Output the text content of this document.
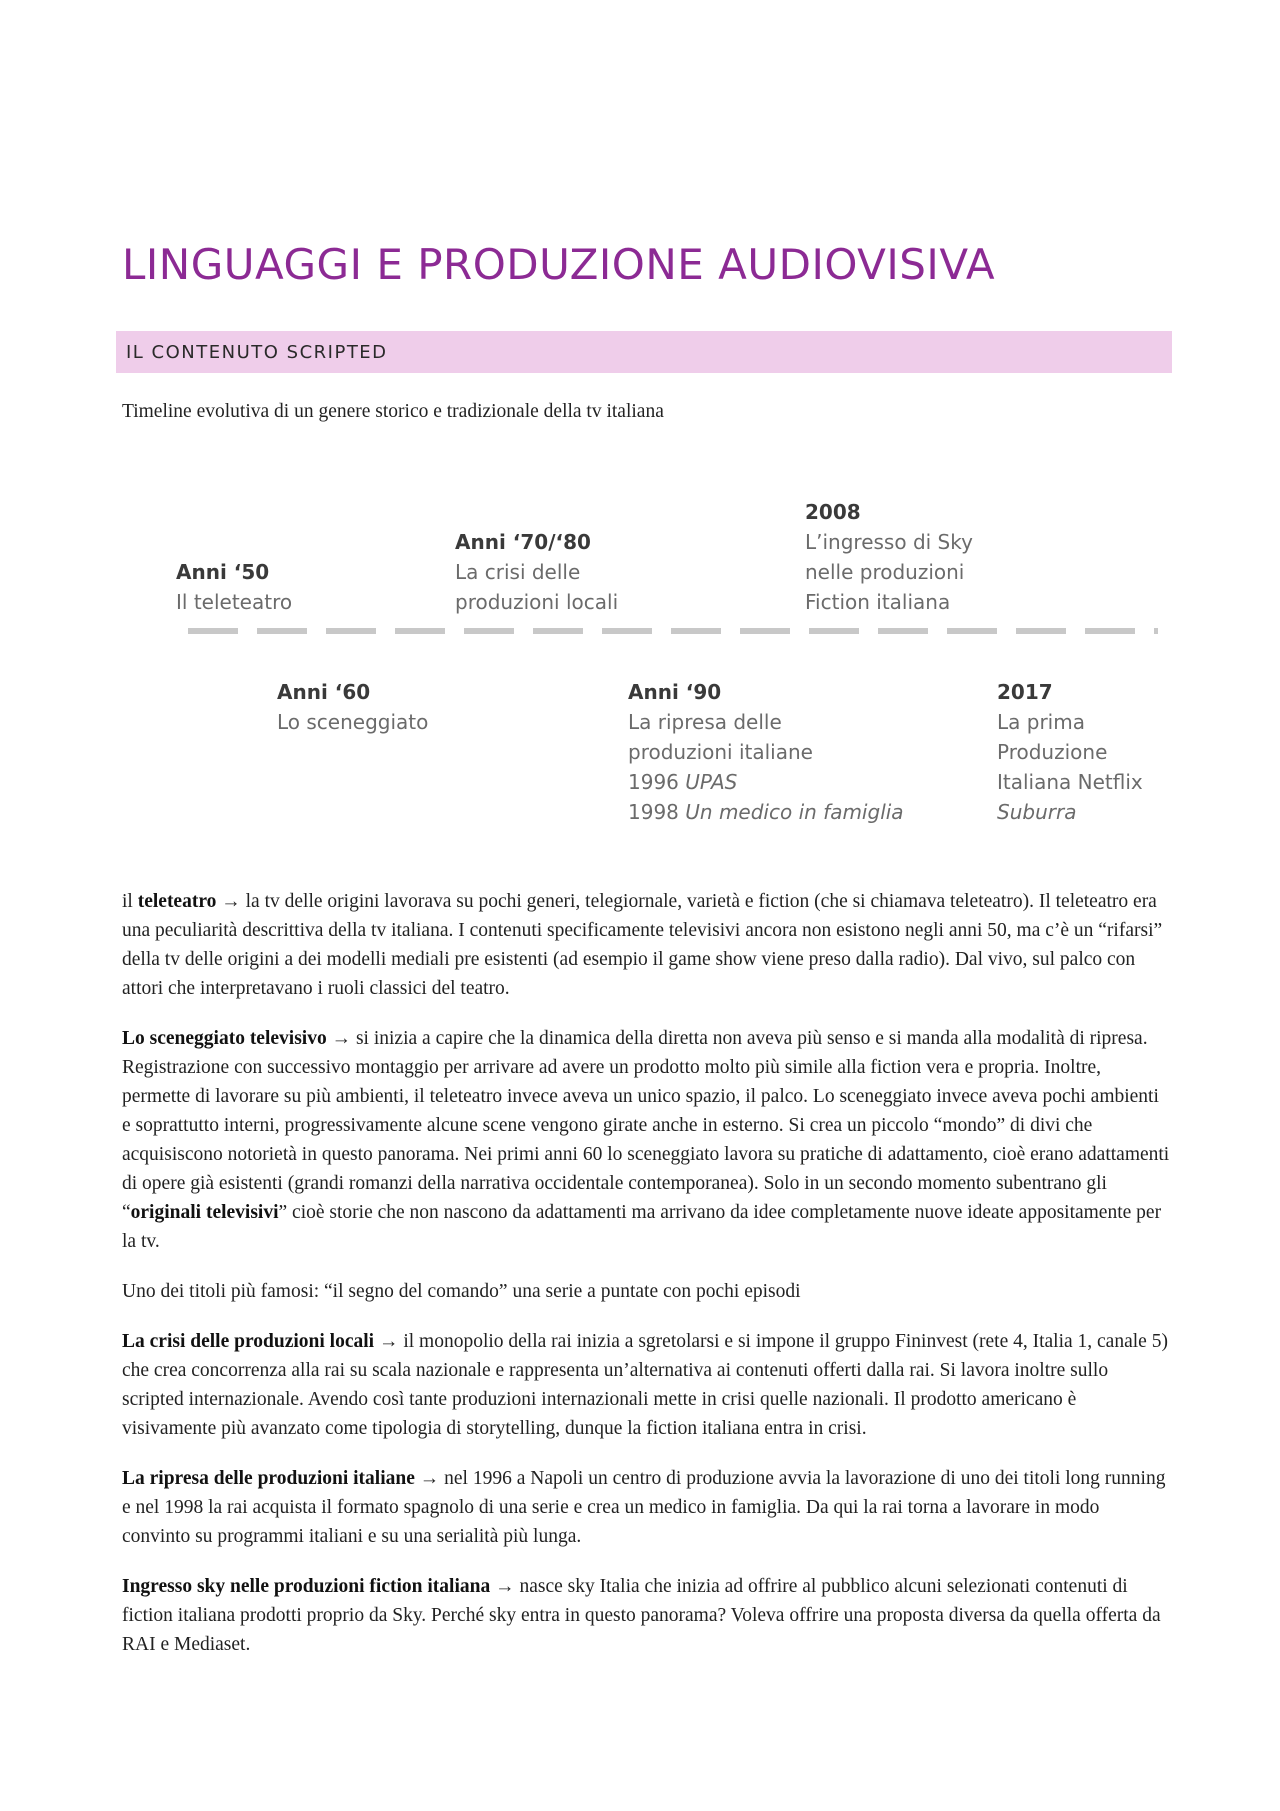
LINGUAGGI E PRODUZIONE AUDIOVISIVA
IL CONTENUTO SCRIPTED

Timeline evolutiva di un genere storico e tradizionale della tv italiana

Anni ‘50
Il teleteatro
Anni ‘60
Lo sceneggiato
Anni ‘70/‘80
La crisi delle
produzioni locali
Anni ‘90
La ripresa delle
produzioni italiane
1996 UPAS
1998 Un medico in famiglia
2008
L’ingresso di Sky
nelle produzioni
Fiction italiana
2017
La prima
Produzione
Italiana Netflix
Suburra

il teleteatro → la tv delle origini lavorava su pochi generi, telegiornale, varietà e fiction (che si chiamava teleteatro). Il teleteatro era una peculiarità descrittiva della tv italiana. I contenuti specificamente televisivi ancora non esistono negli anni 50, ma c’è un “rifarsi” della tv delle origini a dei modelli mediali pre esistenti (ad esempio il game show viene preso dalla radio). Dal vivo, sul palco con attori che interpretavano i ruoli classici del teatro.

Lo sceneggiato televisivo → si inizia a capire che la dinamica della diretta non aveva più senso e si manda alla modalità di ripresa. Registrazione con successivo montaggio per arrivare ad avere un prodotto molto più simile alla fiction vera e propria. Inoltre, permette di lavorare su più ambienti, il teleteatro invece aveva un unico spazio, il palco. Lo sceneggiato invece aveva pochi ambienti e soprattutto interni, progressivamente alcune scene vengono girate anche in esterno. Si crea un piccolo “mondo” di divi che acquisiscono notorietà in questo panorama. Nei primi anni 60 lo sceneggiato lavora su pratiche di adattamento, cioè erano adattamenti di opere già esistenti (grandi romanzi della narrativa occidentale contemporanea). Solo in un secondo momento subentrano gli “originali televisivi” cioè storie che non nascono da adattamenti ma arrivano da idee completamente nuove ideate appositamente per la tv.

Uno dei titoli più famosi: “il segno del comando” una serie a puntate con pochi episodi

La crisi delle produzioni locali → il monopolio della rai inizia a sgretolarsi e si impone il gruppo Fininvest (rete 4, Italia 1, canale 5) che crea concorrenza alla rai su scala nazionale e rappresenta un’alternativa ai contenuti offerti dalla rai. Si lavora inoltre sullo scripted internazionale. Avendo così tante produzioni internazionali mette in crisi quelle nazionali. Il prodotto americano è visivamente più avanzato come tipologia di storytelling, dunque la fiction italiana entra in crisi.

La ripresa delle produzioni italiane → nel 1996 a Napoli un centro di produzione avvia la lavorazione di uno dei titoli long running e nel 1998 la rai acquista il formato spagnolo di una serie e crea un medico in famiglia. Da qui la rai torna a lavorare in modo convinto su programmi italiani e su una serialità più lunga.

Ingresso sky nelle produzioni fiction italiana → nasce sky Italia che inizia ad offrire al pubblico alcuni selezionati contenuti di fiction italiana prodotti proprio da Sky. Perché sky entra in questo panorama? Voleva offrire una proposta diversa da quella offerta da RAI e Mediaset.
